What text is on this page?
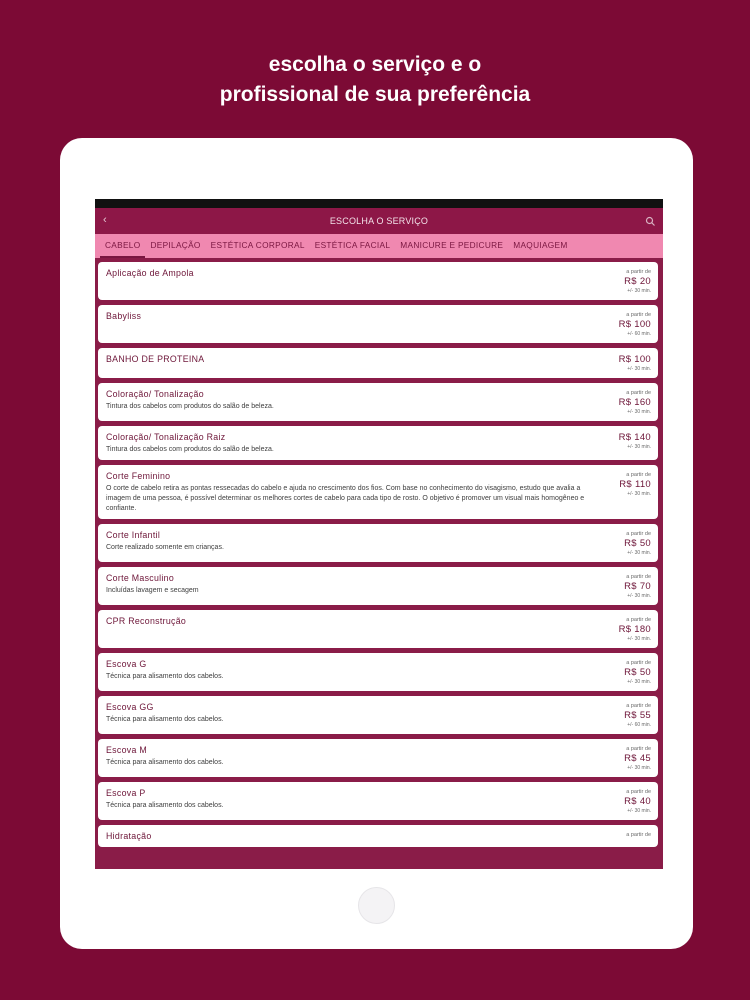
escolha o serviço e o
profissional de sua preferência
‹	ESCOLHA O SERVIÇO
CABELO	DEPILAÇÃO	ESTÉTICA CORPORAL	ESTÉTICA FACIAL	MANICURE E PEDICURE	MAQUIAGEM
Aplicação de Ampola	a partir de
R$ 20
+/- 30 min.
Babyliss	a partir de
R$ 100
+/- 60 min.
BANHO DE PROTEINA	R$ 100
+/- 30 min.
Coloração/ Tonalização
Tintura dos cabelos com produtos do salão de beleza.
a partir de
R$ 160
+/- 30 min.
Coloração/ Tonalização Raiz
Tintura dos cabelos com produtos do salão de beleza.
R$ 140
+/- 30 min.
Corte Feminino
O corte de cabelo retira as pontas ressecadas do cabelo e ajuda no crescimento dos fios. Com base no conhecimento do visagismo, estudo que avalia a imagem de uma pessoa, é possível determinar os melhores cortes de cabelo para cada tipo de rosto. O objetivo é promover um visual mais homogêneo e confiante.
a partir de
R$ 110
+/- 30 min.
Corte Infantil
Corte realizado somente em crianças.
a partir de
R$ 50
+/- 30 min.
Corte Masculino
Incluídas lavagem e secagem
a partir de
R$ 70
+/- 30 min.
CPR Reconstrução	a partir de
R$ 180
+/- 30 min.
Escova G
Técnica para alisamento dos cabelos.
a partir de
R$ 50
+/- 30 min.
Escova GG
Técnica para alisamento dos cabelos.
a partir de
R$ 55
+/- 60 min.
Escova M
Técnica para alisamento dos cabelos.
a partir de
R$ 45
+/- 30 min.
Escova P
Técnica para alisamento dos cabelos.
a partir de
R$ 40
+/- 30 min.
Hidratação	a partir de
